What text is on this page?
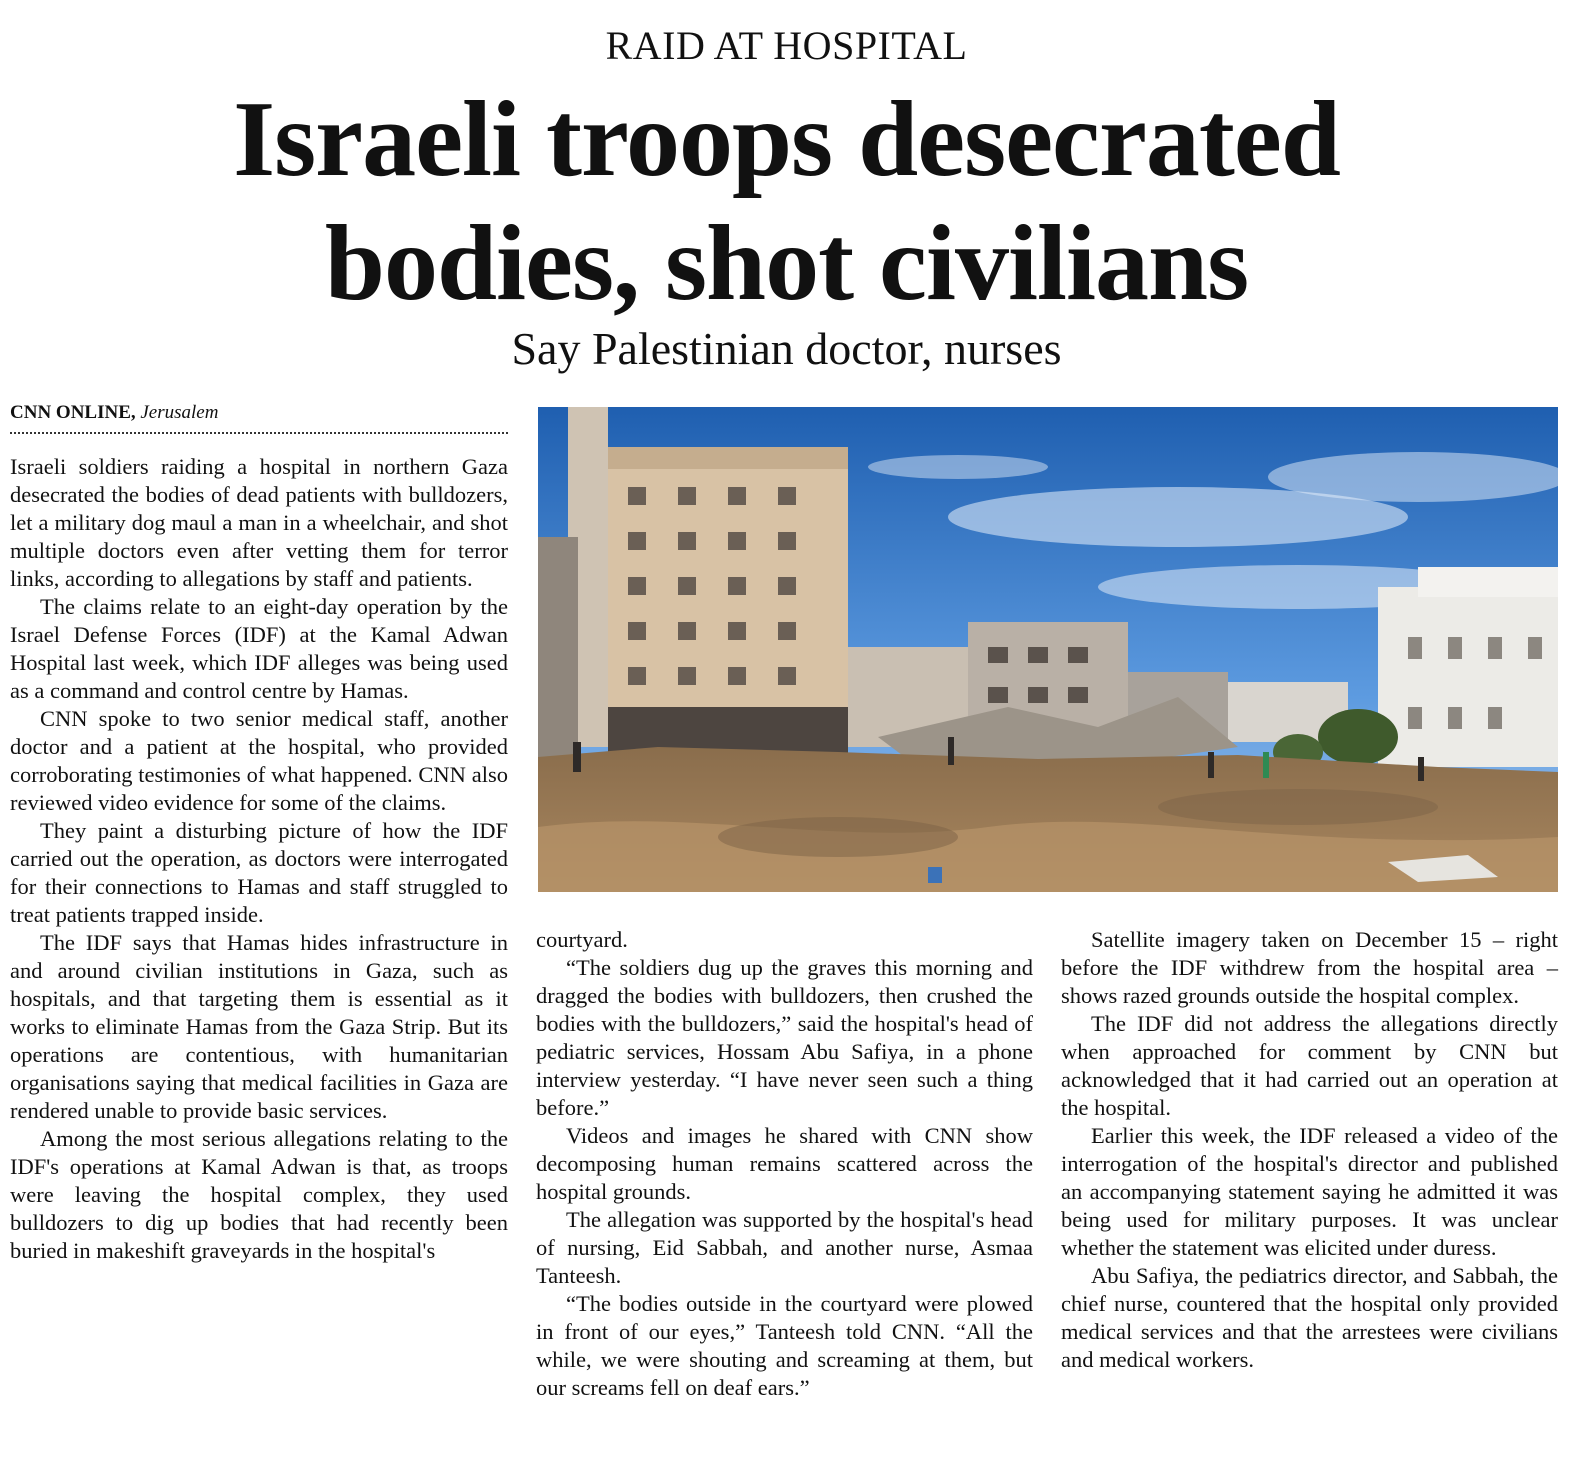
RAID AT HOSPITAL
Israeli troops desecrated
bodies, shot civilians
Say Palestinian doctor, nurses
CNN ONLINE, Jerusalem

Israeli soldiers raiding a hospital in northern Gaza desecrated the bodies of dead patients with bulldozers, let a military dog maul a man in a wheelchair, and shot multiple doctors even after vetting them for terror links, according to allegations by staff and patients.

The claims relate to an eight-day operation by the Israel Defense Forces (IDF) at the Kamal Adwan Hospital last week, which IDF alleges was being used as a command and control centre by Hamas.

CNN spoke to two senior medical staff, another doctor and a patient at the hospital, who provided corroborating testimonies of what happened. CNN also reviewed video evidence for some of the claims.

They paint a disturbing picture of how the IDF carried out the operation, as doctors were interrogated for their connections to Hamas and staff struggled to treat patients trapped inside.

The IDF says that Hamas hides infrastructure in and around civilian institutions in Gaza, such as hospitals, and that targeting them is essential as it works to eliminate Hamas from the Gaza Strip. But its operations are contentious, with humanitarian organisations saying that medical facilities in Gaza are rendered unable to provide basic services.

Among the most serious allegations relating to the IDF's operations at Kamal Adwan is that, as troops were leaving the hospital complex, they used bulldozers to dig up bodies that had recently been buried in makeshift graveyards in the hospital's

courtyard.

“The soldiers dug up the graves this morning and dragged the bodies with bulldozers, then crushed the bodies with the bulldozers,” said the hospital's head of pediatric services, Hossam Abu Safiya, in a phone interview yesterday. “I have never seen such a thing before.”

Videos and images he shared with CNN show decomposing human remains scattered across the hospital grounds.

The allegation was supported by the hospital's head of nursing, Eid Sabbah, and another nurse, Asmaa Tanteesh.

“The bodies outside in the courtyard were plowed in front of our eyes,” Tanteesh told CNN. “All the while, we were shouting and screaming at them, but our screams fell on deaf ears.”

Satellite imagery taken on December 15 – right before the IDF withdrew from the hospital area – shows razed grounds outside the hospital complex.

The IDF did not address the allegations directly when approached for comment by CNN but acknowledged that it had carried out an operation at the hospital.

Earlier this week, the IDF released a video of the interrogation of the hospital's director and published an accompanying statement saying he admitted it was being used for military purposes. It was unclear whether the statement was elicited under duress.

Abu Safiya, the pediatrics director, and Sabbah, the chief nurse, countered that the hospital only provided medical services and that the arrestees were civilians and medical workers.
